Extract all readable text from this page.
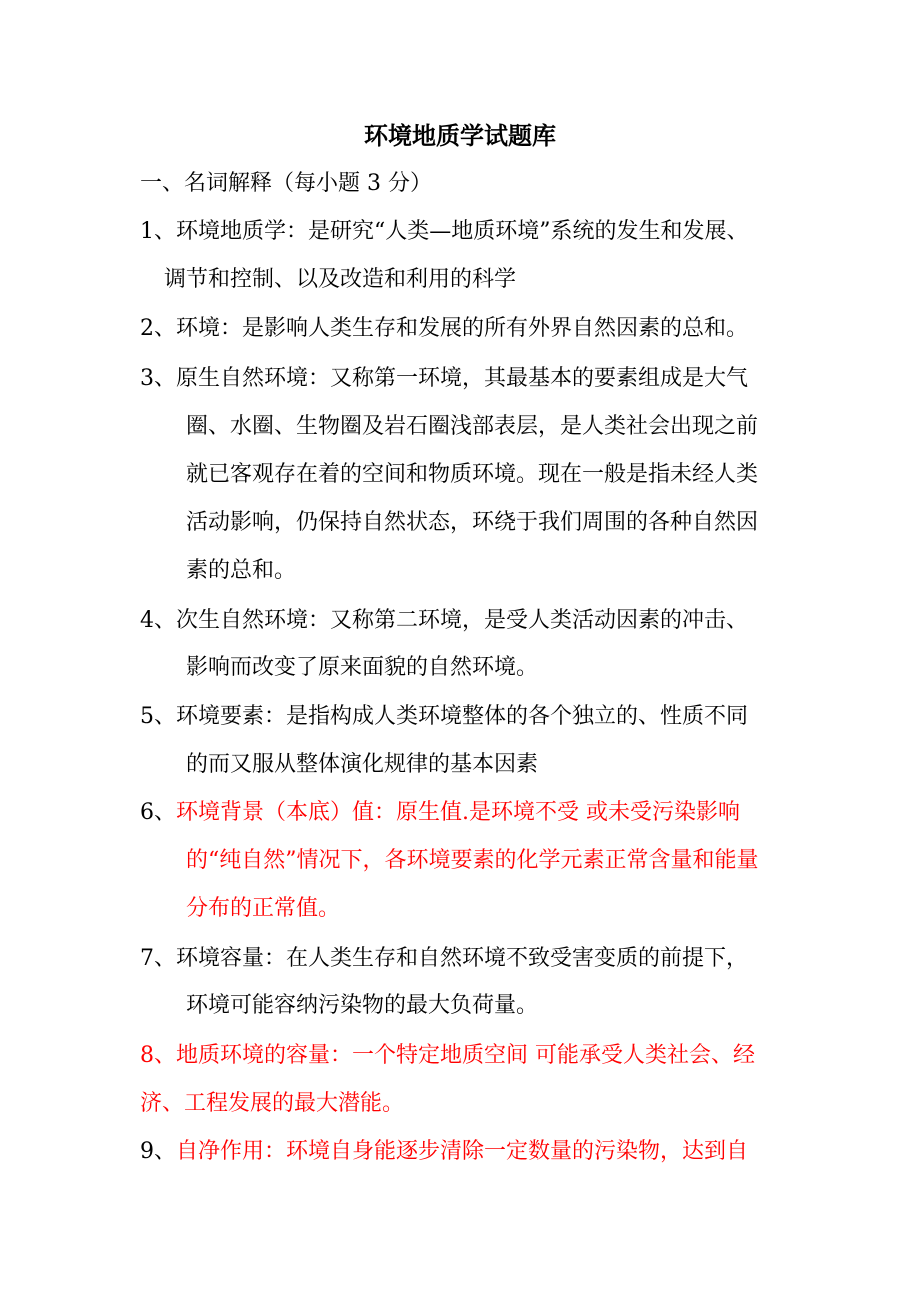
环境地质学试题库
一、名词解释（每小题 3 分）
1、环境地质学：是研究“人类—地质环境”系统的发生和发展、
调节和控制、以及改造和利用的科学
2、环境：是影响人类生存和发展的所有外界自然因素的总和。
3、原生自然环境：又称第一环境，其最基本的要素组成是大气
圈、水圈、生物圈及岩石圈浅部表层，是人类社会出现之前
就已客观存在着的空间和物质环境。现在一般是指未经人类
活动影响，仍保持自然状态，环绕于我们周围的各种自然因
素的总和。
4、次生自然环境：又称第二环境，是受人类活动因素的冲击、
影响而改变了原来面貌的自然环境。
5、环境要素：是指构成人类环境整体的各个独立的、性质不同
的而又服从整体演化规律的基本因素
6、环境背景（本底）值：原生值.是环境不受 或未受污染影响
的“纯自然”情况下，各环境要素的化学元素正常含量和能量
分布的正常值。
7、环境容量：在人类生存和自然环境不致受害变质的前提下，
环境可能容纳污染物的最大负荷量。
8、地质环境的容量：一个特定地质空间 可能承受人类社会、经
济、工程发展的最大潜能。
9、自净作用：环境自身能逐步清除一定数量的污染物，达到自
